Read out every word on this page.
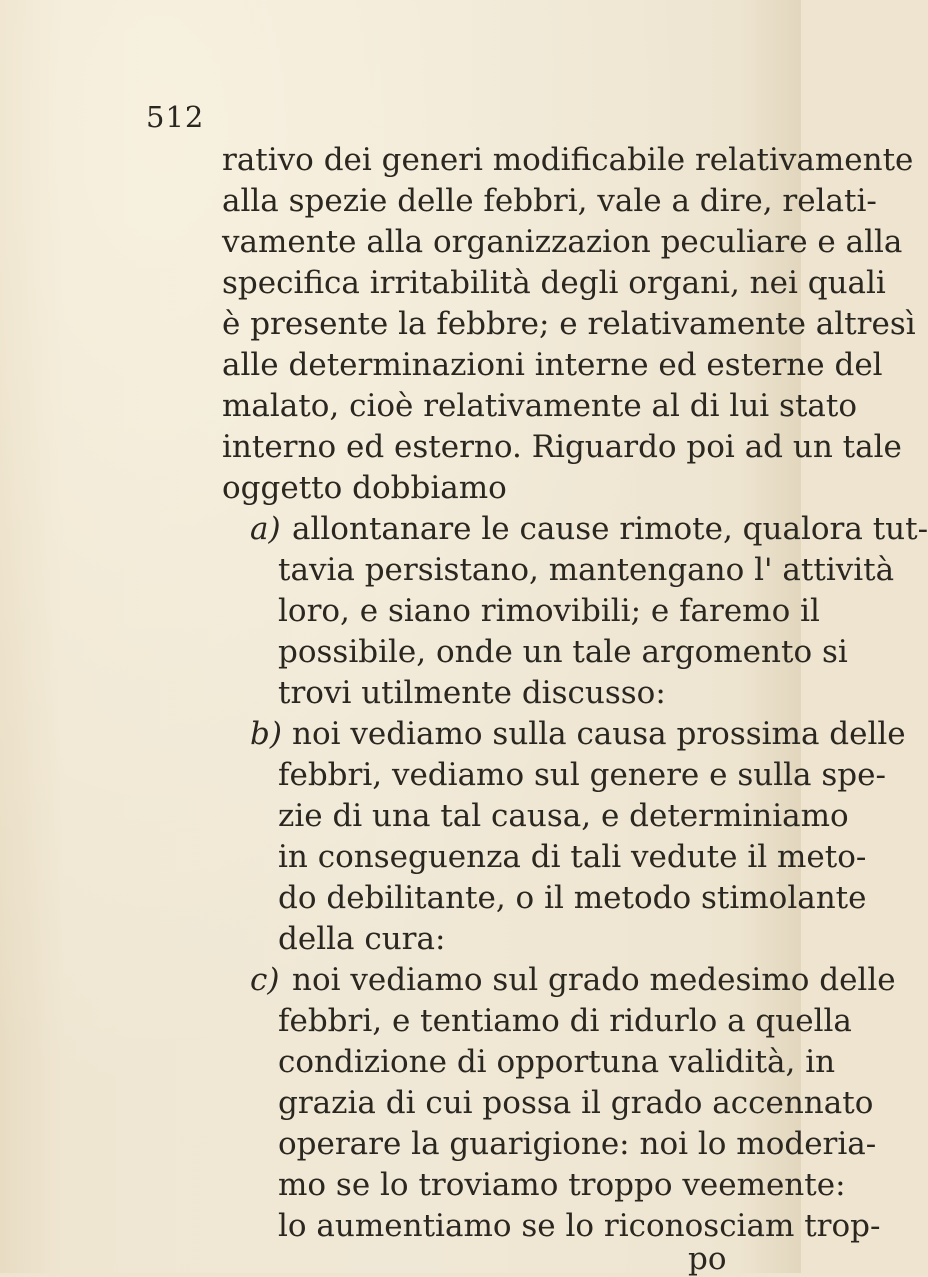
512
rativo dei generi modificabile relativamente
alla spezie delle febbri, vale a dire, relati-
vamente alla organizzazion peculiare e alla
specifica irritabilità degli organi, nei quali
è presente la febbre; e relativamente altresì
alle determinazioni interne ed esterne del
malato, cioè relativamente al di lui stato
interno ed esterno. Riguardo poi ad un tale
oggetto dobbiamo
a) allontanare le cause rimote, qualora tut-
tavia persistano, mantengano l' attività
loro, e siano rimovibili; e faremo il
possibile, onde un tale argomento si
trovi utilmente discusso:
b) noi vediamo sulla causa prossima delle
febbri, vediamo sul genere e sulla spe-
zie di una tal causa, e determiniamo
in conseguenza di tali vedute il meto-
do debilitante, o il metodo stimolante
della cura:
c) noi vediamo sul grado medesimo delle
febbri, e tentiamo di ridurlo a quella
condizione di opportuna validità, in
grazia di cui possa il grado accennato
operare la guarigione: noi lo moderia-
mo se lo troviamo troppo veemente:
lo aumentiamo se lo riconosciam trop-
po
